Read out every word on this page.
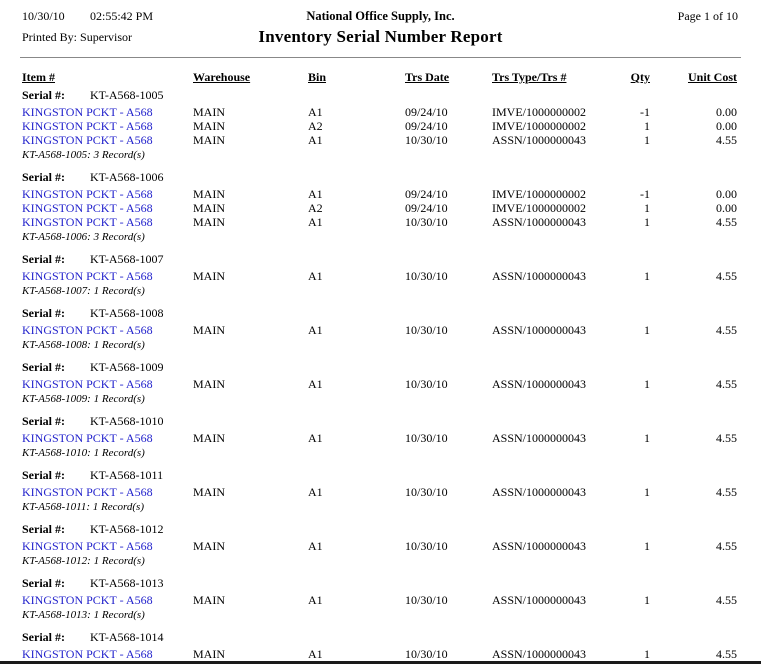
10/30/10 02:55:42 PM	National Office Supply, Inc.	Page 1 of 10
Printed By: Supervisor	Inventory Serial Number Report
Item #	Warehouse	Bin	Trs Date	Trs Type/Trs #	Qty	Unit Cost
Serial #: KT-A568-1005
KINGSTON PCKT - A568	MAIN	A1	09/24/10	IMVE/1000000002	-1	0.00
KINGSTON PCKT - A568	MAIN	A2	09/24/10	IMVE/1000000002	1	0.00
KINGSTON PCKT - A568	MAIN	A1	10/30/10	ASSN/1000000043	1	4.55
KT-A568-1005: 3 Record(s)
Serial #: KT-A568-1006
KINGSTON PCKT - A568	MAIN	A1	09/24/10	IMVE/1000000002	-1	0.00
KINGSTON PCKT - A568	MAIN	A2	09/24/10	IMVE/1000000002	1	0.00
KINGSTON PCKT - A568	MAIN	A1	10/30/10	ASSN/1000000043	1	4.55
KT-A568-1006: 3 Record(s)
Serial #: KT-A568-1007
KINGSTON PCKT - A568	MAIN	A1	10/30/10	ASSN/1000000043	1	4.55
KT-A568-1007: 1 Record(s)
Serial #: KT-A568-1008
KINGSTON PCKT - A568	MAIN	A1	10/30/10	ASSN/1000000043	1	4.55
KT-A568-1008: 1 Record(s)
Serial #: KT-A568-1009
KINGSTON PCKT - A568	MAIN	A1	10/30/10	ASSN/1000000043	1	4.55
KT-A568-1009: 1 Record(s)
Serial #: KT-A568-1010
KINGSTON PCKT - A568	MAIN	A1	10/30/10	ASSN/1000000043	1	4.55
KT-A568-1010: 1 Record(s)
Serial #: KT-A568-1011
KINGSTON PCKT - A568	MAIN	A1	10/30/10	ASSN/1000000043	1	4.55
KT-A568-1011: 1 Record(s)
Serial #: KT-A568-1012
KINGSTON PCKT - A568	MAIN	A1	10/30/10	ASSN/1000000043	1	4.55
KT-A568-1012: 1 Record(s)
Serial #: KT-A568-1013
KINGSTON PCKT - A568	MAIN	A1	10/30/10	ASSN/1000000043	1	4.55
KT-A568-1013: 1 Record(s)
Serial #: KT-A568-1014
KINGSTON PCKT - A568	MAIN	A1	10/30/10	ASSN/1000000043	1	4.55
